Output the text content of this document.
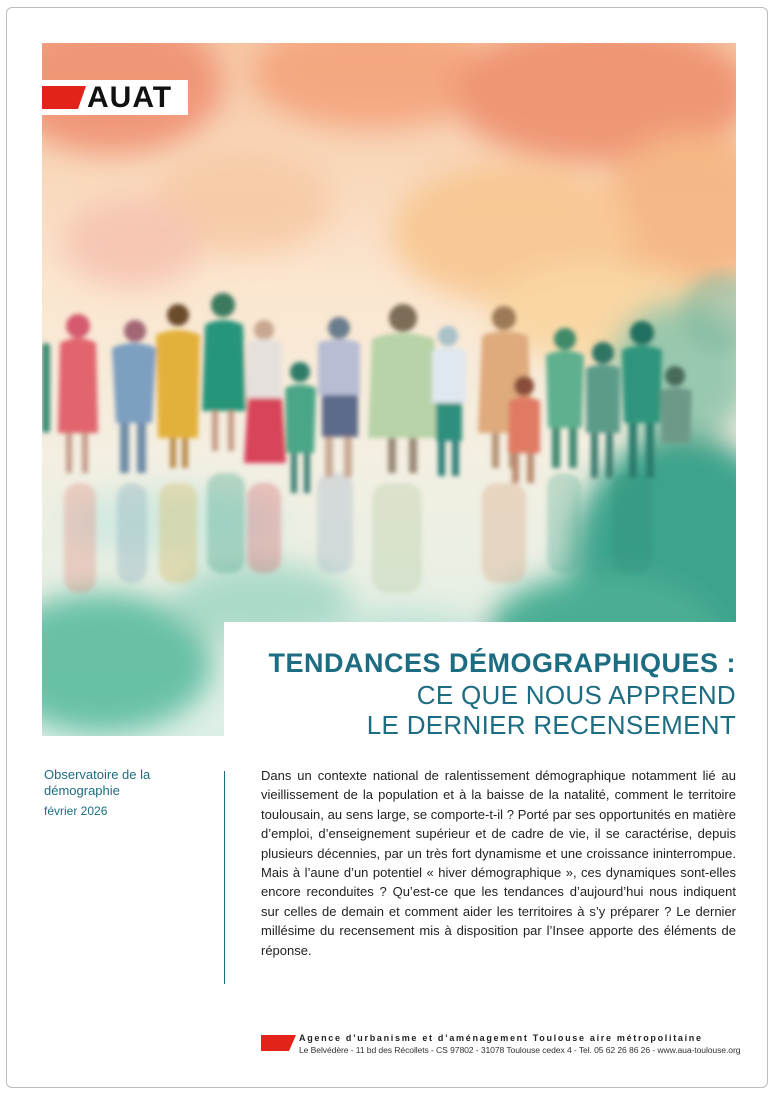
AUAT
TENDANCES DÉMOGRAPHIQUES :
CE QUE NOUS APPREND
LE DERNIER RECENSEMENT
Observatoire de la démographie
février 2026

Dans un contexte national de ralentissement démographique notamment lié au vieillissement de la population et à la baisse de la natalité, comment le territoire toulousain, au sens large, se comporte-t-il ? Porté par ses opportunités en matière d’emploi, d’enseignement supérieur et de cadre de vie, il se caractérise, depuis plusieurs décennies, par un très fort dynamisme et une croissance ininterrompue. Mais à l’aune d’un potentiel « hiver démographique », ces dynamiques sont-elles encore reconduites ? Qu’est-ce que les tendances d’aujourd’hui nous indiquent sur celles de demain et comment aider les territoires à s’y préparer ? Le dernier millésime du recensement mis à disposition par l’Insee apporte des éléments de réponse.

Agence d’urbanisme et d’aménagement Toulouse aire métropolitaine
Le Belvédère - 11 bd des Récollets - CS 97802 - 31078 Toulouse cedex 4 - Tel. 05 62 26 86 26 - www.aua-toulouse.org
